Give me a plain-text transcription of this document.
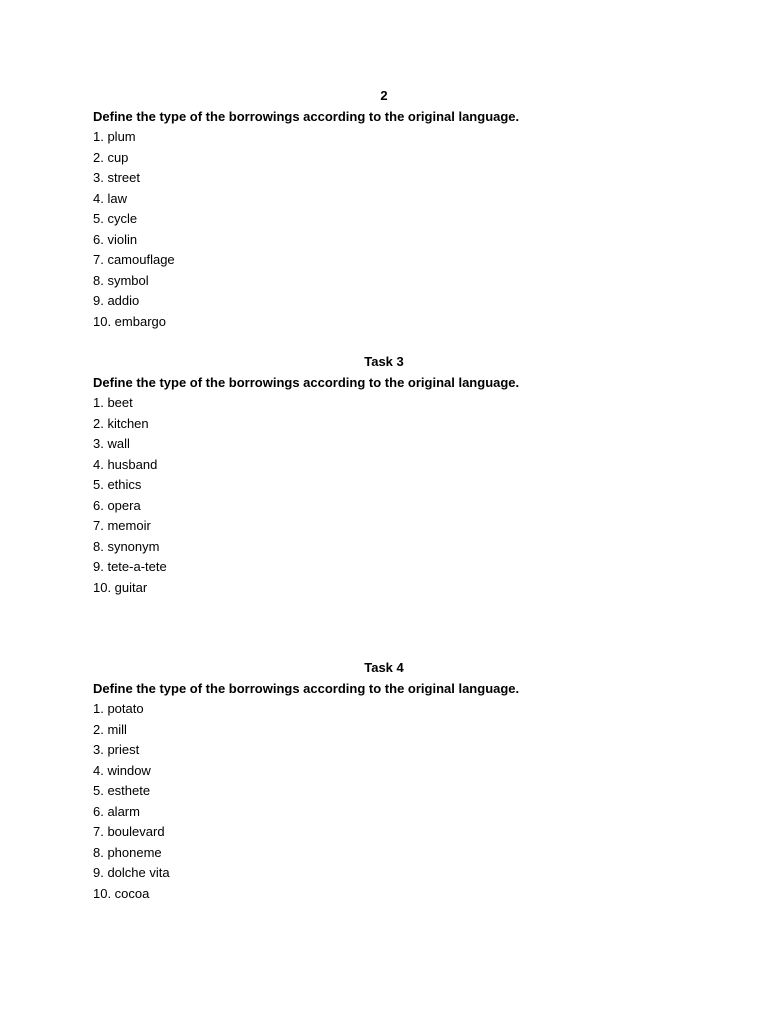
2
Define the type of the borrowings according to the original language.
1. plum
2. cup
3. street
4. law
5. cycle
6. violin
7. camouflage
8. symbol
9. addio
10. embargo
Task 3
Define the type of the borrowings according to the original language.
1. beet
2. kitchen
3. wall
4. husband
5. ethics
6. opera
7. memoir
8. synonym
9. tete-a-tete
10. guitar
Task 4
Define the type of the borrowings according to the original language.
1. potato
2. mill
3. priest
4. window
5. esthete
6. alarm
7. boulevard
8. phoneme
9. dolche vita
10. cocoa
